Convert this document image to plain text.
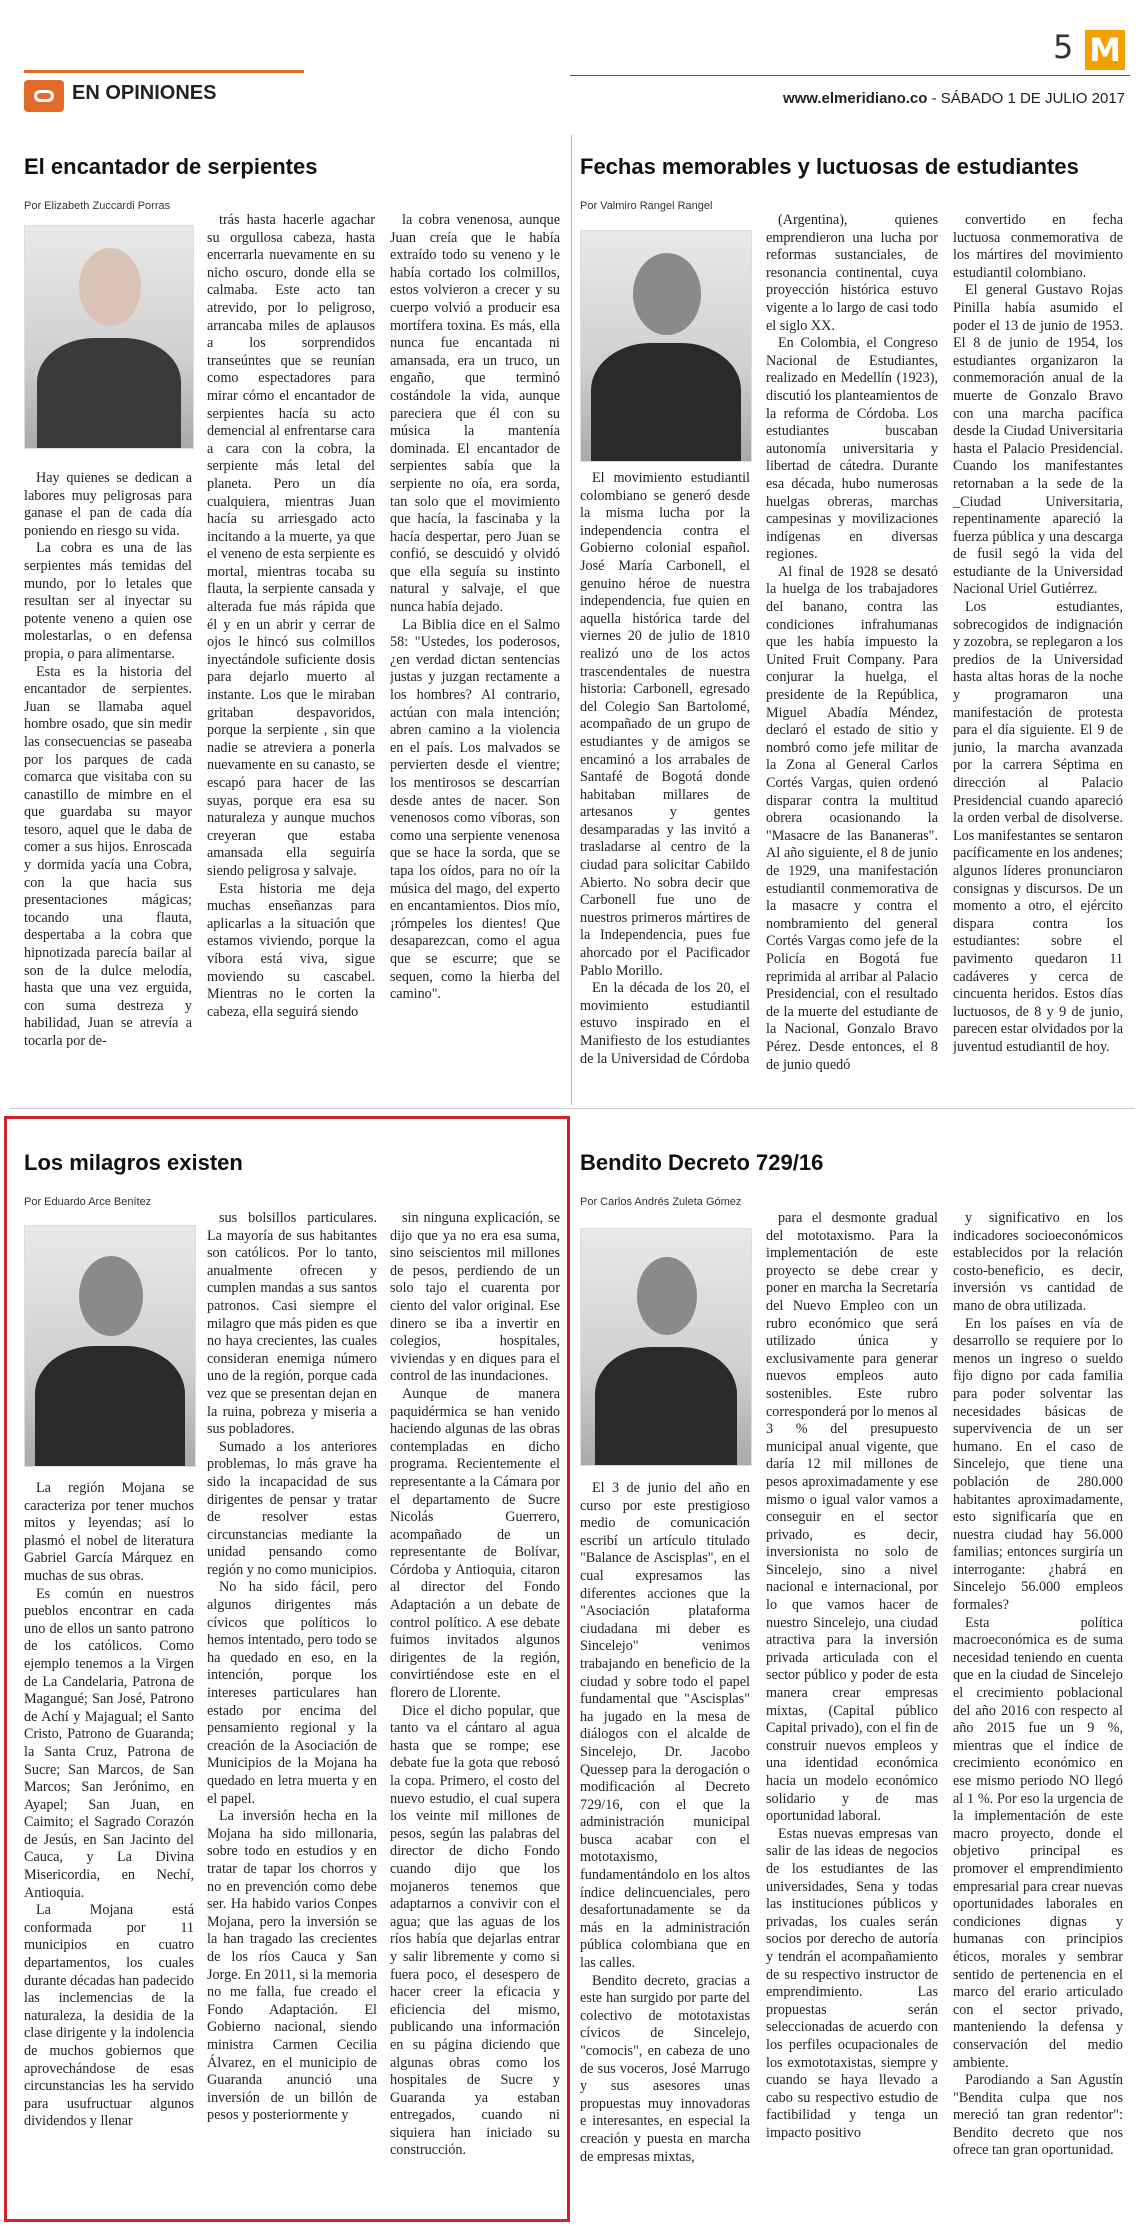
EN OPINIONES
5 M
www.elmeridiano.co - SÁBADO 1 DE JULIO 2017
El encantador de serpientes
Por Elizabeth Zuccardi Porras

Hay quienes se dedican a labores muy peligrosas para ganase el pan de cada día poniendo en riesgo su vida.

La cobra es una de las serpientes más temidas del mundo, por lo letales que resultan ser al inyectar su potente veneno a quien ose molestarlas, o en defensa propia, o para alimentarse.

Esta es la historia del encantador de serpientes. Juan se llamaba aquel hombre osado, que sin medir las consecuencias se paseaba por los parques de cada comarca que visitaba con su canastillo de mimbre en el que guardaba su mayor tesoro, aquel que le daba de comer a sus hijos. Enroscada y dormida yacía una Cobra, con la que hacia sus presentaciones mágicas; tocando una flauta, despertaba a la cobra que hipnotizada parecía bailar al son de la dulce melodía, hasta que una vez erguida, con suma destreza y habilidad, Juan se atrevía a tocarla por de-

trás hasta hacerle agachar su orgullosa cabeza, hasta encerrarla nuevamente en su nicho oscuro, donde ella se calmaba. Este acto tan atrevido, por lo peligroso, arrancaba miles de aplausos a los sorprendidos transeúntes que se reunían como espectadores para mirar cómo el encantador de serpientes hacía su acto demencial al enfrentarse cara a cara con la cobra, la serpiente más letal del planeta. Pero un día cualquiera, mientras Juan hacía su arriesgado acto incitando a la muerte, ya que el veneno de esta serpiente es mortal, mientras tocaba su flauta, la serpiente cansada y alterada fue más rápida que él y en un abrir y cerrar de ojos le hincó sus colmillos inyectándole suficiente dosis para dejarlo muerto al instante. Los que le miraban gritaban despavoridos, porque la serpiente , sin que nadie se atreviera a ponerla nuevamente en su canasto, se escapó para hacer de las suyas, porque era esa su naturaleza y aunque muchos creyeran que estaba amansada ella seguiría siendo peligrosa y salvaje.

Esta historia me deja muchas enseñanzas para aplicarlas a la situación que estamos viviendo, porque la víbora está viva, sigue moviendo su cascabel. Mientras no le corten la cabeza, ella seguirá siendo

la cobra venenosa, aunque Juan creía que le había extraído todo su veneno y le había cortado los colmillos, estos volvieron a crecer y su cuerpo volvió a producir esa mortífera toxina. Es más, ella nunca fue encantada ni amansada, era un truco, un engaño, que terminó costándole la vida, aunque pareciera que él con su música la mantenía dominada. El encantador de serpientes sabía que la serpiente no oía, era sorda, tan solo que el movimiento que hacía, la fascinaba y la hacía despertar, pero Juan se confió, se descuidó y olvidó que ella seguía su instinto natural y salvaje, el que nunca había dejado.

La Biblia dice en el Salmo 58: "Ustedes, los poderosos, ¿en verdad dictan sentencias justas y juzgan rectamente a los hombres? Al contrario, actúan con mala intención; abren camino a la violencia en el país. Los malvados se pervierten desde el vientre; los mentirosos se descarrían desde antes de nacer. Son venenosos como víboras, son como una serpiente venenosa que se hace la sorda, que se tapa los oídos, para no oír la música del mago, del experto en encantamientos. Dios mío, ¡rómpeles los dientes! Que desaparezcan, como el agua que se escurre; que se sequen, como la hierba del camino".

Fechas memorables y luctuosas de estudiantes
Por Valmiro Rangel Rangel

El movimiento estudiantil colombiano se generó desde la misma lucha por la independencia contra el Gobierno colonial español. José María Carbonell, el genuino héroe de nuestra independencia, fue quien en aquella histórica tarde del viernes 20 de julio de 1810 realizó uno de los actos trascendentales de nuestra historia: Carbonell, egresado del Colegio San Bartolomé, acompañado de un grupo de estudiantes y de amigos se encaminó a los arrabales de Santafé de Bogotá donde habitaban millares de artesanos y gentes desamparadas y las invitó a trasladarse al centro de la ciudad para solicitar Cabildo Abierto. No sobra decir que Carbonell fue uno de nuestros primeros mártires de la Independencia, pues fue ahorcado por el Pacificador Pablo Morillo.

En la década de los 20, el movimiento estudiantil estuvo inspirado en el Manifiesto de los estudiantes de la Universidad de Córdoba

(Argentina), quienes emprendieron una lucha por reformas sustanciales, de resonancia continental, cuya proyección histórica estuvo vigente a lo largo de casi todo el siglo XX.

En Colombia, el Congreso Nacional de Estudiantes, realizado en Medellín (1923), discutió los planteamientos de la reforma de Córdoba. Los estudiantes buscaban autonomía universitaria y libertad de cátedra. Durante esa década, hubo numerosas huelgas obreras, marchas campesinas y movilizaciones indígenas en diversas regiones.

Al final de 1928 se desató la huelga de los trabajadores del banano, contra las condiciones infrahumanas que les había impuesto la United Fruit Company. Para conjurar la huelga, el presidente de la República, Miguel Abadía Méndez, declaró el estado de sitio y nombró como jefe militar de la Zona al General Carlos Cortés Vargas, quien ordenó disparar contra la multitud obrera ocasionando la "Masacre de las Bananeras". Al año siguiente, el 8 de junio de 1929, una manifestación estudiantil conmemorativa de la masacre y contra el nombramiento del general Cortés Vargas como jefe de la Policía en Bogotá fue reprimida al arribar al Palacio Presidencial, con el resultado de la muerte del estudiante de la Nacional, Gonzalo Bravo Pérez. Desde entonces, el 8 de junio quedó

convertido en fecha luctuosa conmemorativa de los mártires del movimiento estudiantil colombiano.

El general Gustavo Rojas Pinilla había asumido el poder el 13 de junio de 1953. El 8 de junio de 1954, los estudiantes organizaron la conmemoración anual de la muerte de Gonzalo Bravo con una marcha pacífica desde la Ciudad Universitaria hasta el Palacio Presidencial. Cuando los manifestantes retornaban a la sede de la _Ciudad Universitaria, repentinamente apareció la fuerza pública y una descarga de fusil segó la vida del estudiante de la Universidad Nacional Uriel Gutiérrez.

Los estudiantes, sobrecogidos de indignación y zozobra, se replegaron a los predios de la Universidad hasta altas horas de la noche y programaron una manifestación de protesta para el día siguiente. El 9 de junio, la marcha avanzada por la carrera Séptima en dirección al Palacio Presidencial cuando apareció la orden verbal de disolverse. Los manifestantes se sentaron pacíficamente en los andenes; algunos líderes pronunciaron consignas y discursos. De un momento a otro, el ejército dispara contra los estudiantes: sobre el pavimento quedaron 11 cadáveres y cerca de cincuenta heridos. Estos días luctuosos, de 8 y 9 de junio, parecen estar olvidados por la juventud estudiantil de hoy.

Los milagros existen
Por Eduardo Arce Benítez

La región Mojana se caracteriza por tener muchos mitos y leyendas; así lo plasmó el nobel de literatura Gabriel García Márquez en muchas de sus obras.

Es común en nuestros pueblos encontrar en cada uno de ellos un santo patrono de los católicos. Como ejemplo tenemos a la Virgen de La Candelaria, Patrona de Magangué; San José, Patrono de Achí y Majagual; el Santo Cristo, Patrono de Guaranda; la Santa Cruz, Patrona de Sucre; San Marcos, de San Marcos; San Jerónimo, en Ayapel; San Juan, en Caimito; el Sagrado Corazón de Jesús, en San Jacinto del Cauca, y La Divina Misericordia, en Nechí, Antioquia.

La Mojana está conformada por 11 municipios en cuatro departamentos, los cuales durante décadas han padecido las inclemencias de la naturaleza, la desidia de la clase dirigente y la indolencia de muchos gobiernos que aprovechándose de esas circunstancias les ha servido para usufructuar algunos dividendos y llenar

sus bolsillos particulares. La mayoría de sus habitantes son católicos. Por lo tanto, anualmente ofrecen y cumplen mandas a sus santos patronos. Casi siempre el milagro que más piden es que no haya crecientes, las cuales consideran enemiga número uno de la región, porque cada vez que se presentan dejan en la ruina, pobreza y miseria a sus pobladores.

Sumado a los anteriores problemas, lo más grave ha sido la incapacidad de sus dirigentes de pensar y tratar de resolver estas circunstancias mediante la unidad pensando como región y no como municipios.

No ha sido fácil, pero algunos dirigentes más cívicos que políticos lo hemos intentado, pero todo se ha quedado en eso, en la intención, porque los intereses particulares han estado por encima del pensamiento regional y la creación de la Asociación de Municipios de la Mojana ha quedado en letra muerta y en el papel.

La inversión hecha en la Mojana ha sido millonaria, sobre todo en estudios y en tratar de tapar los chorros y no en prevención como debe ser. Ha habido varios Conpes Mojana, pero la inversión se la han tragado las crecientes de los ríos Cauca y San Jorge. En 2011, si la memoria no me falla, fue creado el Fondo Adaptación. El Gobierno nacional, siendo ministra Carmen Cecilia Álvarez, en el municipio de Guaranda anunció una inversión de un billón de pesos y posteriormente y

sin ninguna explicación, se dijo que ya no era esa suma, sino seiscientos mil millones de pesos, perdiendo de un solo tajo el cuarenta por ciento del valor original. Ese dinero se iba a invertir en colegios, hospitales, viviendas y en diques para el control de las inundaciones.

Aunque de manera paquidérmica se han venido haciendo algunas de las obras contempladas en dicho programa. Recientemente el representante a la Cámara por el departamento de Sucre Nicolás Guerrero, acompañado de un representante de Bolívar, Córdoba y Antioquia, citaron al director del Fondo Adaptación a un debate de control político. A ese debate fuimos invitados algunos dirigentes de la región, convirtiéndose este en el florero de Llorente.

Dice el dicho popular, que tanto va el cántaro al agua hasta que se rompe; ese debate fue la gota que rebosó la copa. Primero, el costo del nuevo estudio, el cual supera los veinte mil millones de pesos, según las palabras del director de dicho Fondo cuando dijo que los mojaneros tenemos que adaptarnos a convivir con el agua; que las aguas de los ríos había que dejarlas entrar y salir libremente y como si fuera poco, el desespero de hacer creer la eficacia y eficiencia del mismo, publicando una información en su página diciendo que algunas obras como los hospitales de Sucre y Guaranda ya estaban entregados, cuando ni siquiera han iniciado su construcción.

Bendito Decreto 729/16
Por Carlos Andrés Zuleta Gómez

El 3 de junio del año en curso por este prestigioso medio de comunicación escribí un artículo titulado "Balance de Ascisplas", en el cual expresamos las diferentes acciones que la "Asociación plataforma ciudadana mi deber es Sincelejo" venimos trabajando en beneficio de la ciudad y sobre todo el papel fundamental que "Ascisplas" ha jugado en la mesa de diálogos con el alcalde de Sincelejo, Dr. Jacobo Quessep para la derogación o modificación al Decreto 729/16, con el que la administración municipal busca acabar con el mototaxismo, fundamentándolo en los altos índice delincuenciales, pero desafortunadamente se da más en la administración pública colombiana que en las calles.

Bendito decreto, gracias a este han surgido por parte del colectivo de mototaxistas cívicos de Sincelejo, "comocis", en cabeza de uno de sus voceros, José Marrugo y sus asesores unas propuestas muy innovadoras e interesantes, en especial la creación y puesta en marcha de empresas mixtas,

para el desmonte gradual del mototaxismo. Para la implementación de este proyecto se debe crear y poner en marcha la Secretaría del Nuevo Empleo con un rubro económico que será utilizado única y exclusivamente para generar nuevos empleos auto sostenibles. Este rubro corresponderá por lo menos al 3 % del presupuesto municipal anual vigente, que daría 12 mil millones de pesos aproximadamente y ese mismo o igual valor vamos a conseguir en el sector privado, es decir, inversionista no solo de Sincelejo, sino a nivel nacional e internacional, por lo que vamos hacer de nuestro Sincelejo, una ciudad atractiva para la inversión privada articulada con el sector público y poder de esta manera crear empresas mixtas, (Capital público Capital privado), con el fin de construir nuevos empleos y una identidad económica hacia un modelo económico solidario y de mas oportunidad laboral.

Estas nuevas empresas van salir de las ideas de negocios de los estudiantes de las universidades, Sena y todas las instituciones públicos y privadas, los cuales serán socios por derecho de autoría y tendrán el acompañamiento de su respectivo instructor de emprendimiento. Las propuestas serán seleccionadas de acuerdo con los perfiles ocupacionales de los exmototaxistas, siempre y cuando se haya llevado a cabo su respectivo estudio de factibilidad y tenga un impacto positivo

y significativo en los indicadores socioeconómicos establecidos por la relación costo-beneficio, es decir, inversión vs cantidad de mano de obra utilizada.

En los países en vía de desarrollo se requiere por lo menos un ingreso o sueldo fijo digno por cada familia para poder solventar las necesidades básicas de supervivencia de un ser humano. En el caso de Sincelejo, que tiene una población de 280.000 habitantes aproximadamente, esto significaría que en nuestra ciudad hay 56.000 familias; entonces surgiría un interrogante: ¿habrá en Sincelejo 56.000 empleos formales?

Esta política macroeconómica es de suma necesidad teniendo en cuenta que en la ciudad de Sincelejo el crecimiento poblacional del año 2016 con respecto al año 2015 fue un 9 %, mientras que el índice de crecimiento económico en ese mismo periodo NO llegó al 1 %. Por eso la urgencia de la implementación de este macro proyecto, donde el objetivo principal es promover el emprendimiento empresarial para crear nuevas oportunidades laborales en condiciones dignas y humanas con principios éticos, morales y sembrar sentido de pertenencia en el marco del erario articulado con el sector privado, manteniendo la defensa y conservación del medio ambiente.

Parodiando a San Agustín "Bendita culpa que nos mereció tan gran redentor": Bendito decreto que nos ofrece tan gran oportunidad.
